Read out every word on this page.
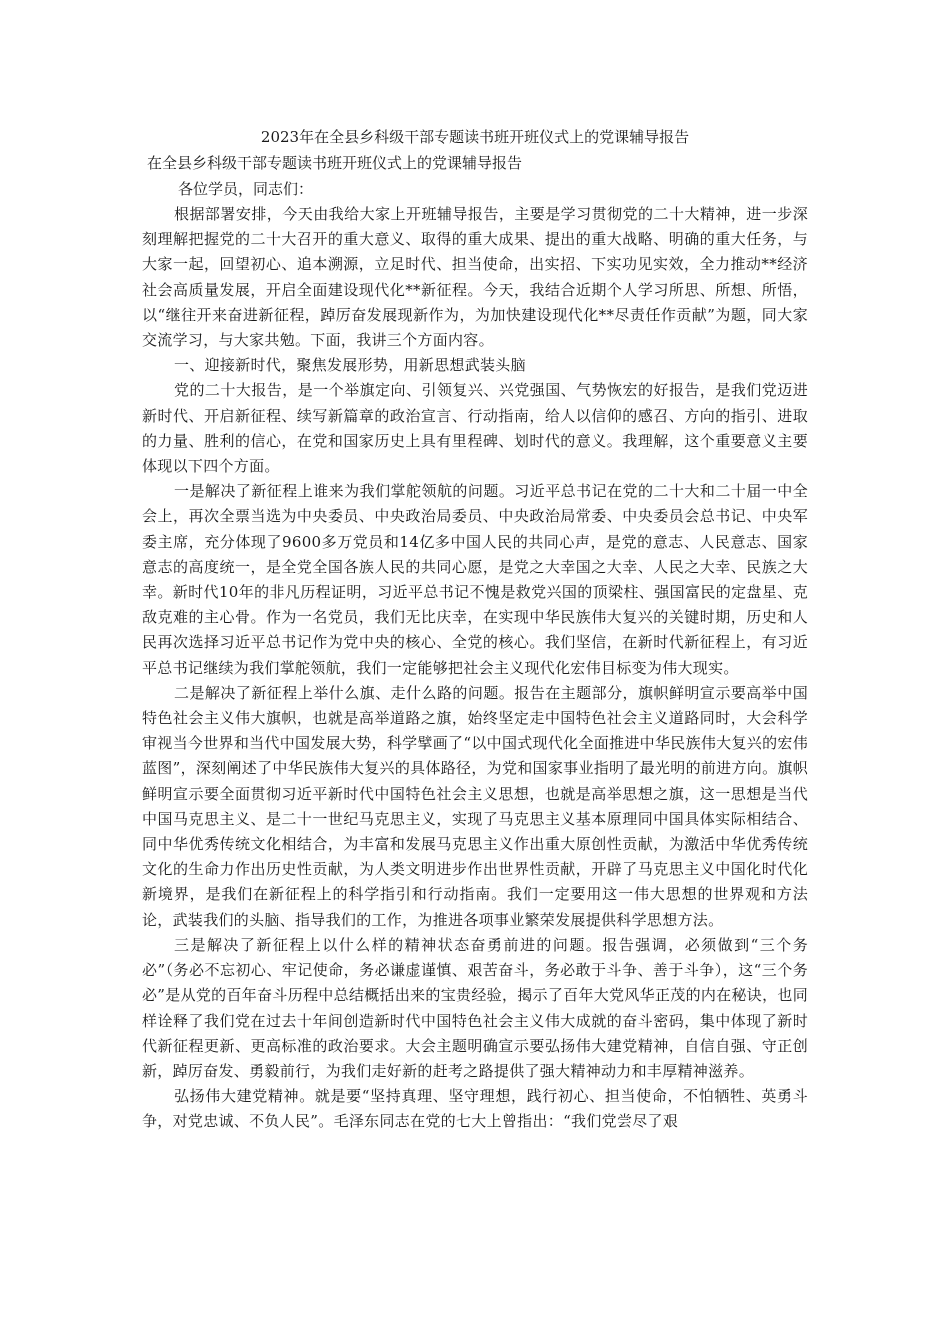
2023年在全县乡科级干部专题读书班开班仪式上的党课辅导报告
在全县乡科级干部专题读书班开班仪式上的党课辅导报告

各位学员，同志们：

根据部署安排，今天由我给大家上开班辅导报告，主要是学习贯彻党的二十大精神，进一步深刻理解把握党的二十大召开的重大意义、取得的重大成果、提出的重大战略、明确的重大任务，与大家一起，回望初心、追本溯源，立足时代、担当使命，出实招、下实功见实效，全力推动**经济社会高质量发展，开启全面建设现代化**新征程。今天，我结合近期个人学习所思、所想、所悟，以“继往开来奋进新征程，踔厉奋发展现新作为，为加快建设现代化**尽责任作贡献”为题，同大家交流学习，与大家共勉。下面，我讲三个方面内容。

一、迎接新时代，聚焦发展形势，用新思想武装头脑

党的二十大报告，是一个举旗定向、引领复兴、兴党强国、气势恢宏的好报告，是我们党迈进新时代、开启新征程、续写新篇章的政治宣言、行动指南，给人以信仰的感召、方向的指引、进取的力量、胜利的信心，在党和国家历史上具有里程碑、划时代的意义。我理解，这个重要意义主要体现以下四个方面。

一是解决了新征程上谁来为我们掌舵领航的问题。习近平总书记在党的二十大和二十届一中全会上，再次全票当选为中央委员、中央政治局委员、中央政治局常委、中央委员会总书记、中央军委主席，充分体现了9600多万党员和14亿多中国人民的共同心声，是党的意志、人民意志、国家意志的高度统一，是全党全国各族人民的共同心愿，是党之大幸国之大幸、人民之大幸、民族之大幸。新时代10年的非凡历程证明，习近平总书记不愧是救党兴国的顶梁柱、强国富民的定盘星、克敌克难的主心骨。作为一名党员，我们无比庆幸，在实现中华民族伟大复兴的关键时期，历史和人民再次选择习近平总书记作为党中央的核心、全党的核心。我们坚信，在新时代新征程上，有习近平总书记继续为我们掌舵领航，我们一定能够把社会主义现代化宏伟目标变为伟大现实。

二是解决了新征程上举什么旗、走什么路的问题。报告在主题部分，旗帜鲜明宣示要高举中国特色社会主义伟大旗帜，也就是高举道路之旗，始终坚定走中国特色社会主义道路同时，大会科学审视当今世界和当代中国发展大势，科学擘画了“以中国式现代化全面推进中华民族伟大复兴的宏伟蓝图”，深刻阐述了中华民族伟大复兴的具体路径，为党和国家事业指明了最光明的前进方向。旗帜鲜明宣示要全面贯彻习近平新时代中国特色社会主义思想，也就是高举思想之旗，这一思想是当代中国马克思主义、是二十一世纪马克思主义，实现了马克思主义基本原理同中国具体实际相结合、同中华优秀传统文化相结合，为丰富和发展马克思主义作出重大原创性贡献，为激活中华优秀传统文化的生命力作出历史性贡献，为人类文明进步作出世界性贡献，开辟了马克思主义中国化时代化新境界，是我们在新征程上的科学指引和行动指南。我们一定要用这一伟大思想的世界观和方法论，武装我们的头脑、指导我们的工作，为推进各项事业繁荣发展提供科学思想方法。

三是解决了新征程上以什么样的精神状态奋勇前进的问题。报告强调，必须做到“三个务必”（务必不忘初心、牢记使命，务必谦虚谨慎、艰苦奋斗，务必敢于斗争、善于斗争），这“三个务必”是从党的百年奋斗历程中总结概括出来的宝贵经验，揭示了百年大党风华正茂的内在秘诀，也同样诠释了我们党在过去十年间创造新时代中国特色社会主义伟大成就的奋斗密码，集中体现了新时代新征程更新、更高标准的政治要求。大会主题明确宣示要弘扬伟大建党精神，自信自强、守正创新，踔厉奋发、勇毅前行，为我们走好新的赶考之路提供了强大精神动力和丰厚精神滋养。

弘扬伟大建党精神。就是要“坚持真理、坚守理想，践行初心、担当使命，不怕牺牲、英勇斗争，对党忠诚、不负人民”。毛泽东同志在党的七大上曾指出：“我们党尝尽了艰
